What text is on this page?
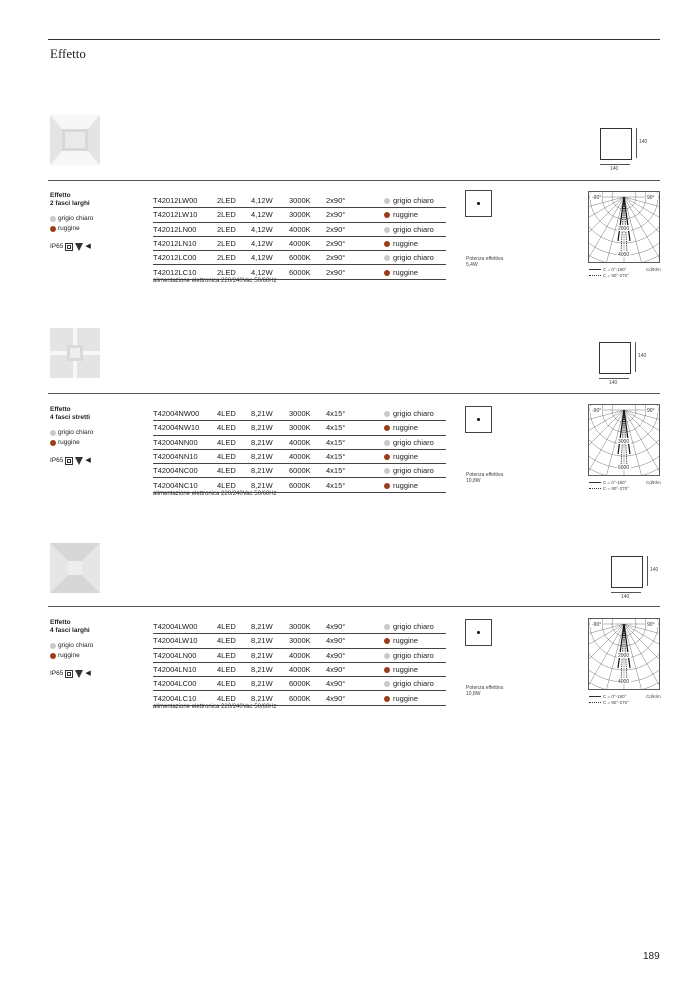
Effetto
140
140
Effetto
2 fasci larghi
grigio chiaro
ruggine
IP65	◀︎
T42012LW00	2LED	4,12W	3000K	2x90°	grigio chiaro
T42012LW10	2LED	4,12W	3000K	2x90°	ruggine
T42012LN00	2LED	4,12W	4000K	2x90°	grigio chiaro
T42012LN10	2LED	4,12W	4000K	2x90°	ruggine
T42012LC00	2LED	4,12W	6000K	2x90°	grigio chiaro
T42012LC10	2LED	4,12W	6000K	2x90°	ruggine
alimentazione elettronica 220/240Vac 50/60Hz
Potenza effettiva
5,4W
-90°	90°
2000
4000
C = 0°-180°
C = 90°-270°
Cd/Klm
140
140
Effetto
4 fasci stretti
grigio chiaro
ruggine
IP65	◀︎
T42004NW00	4LED	8,21W	3000K	4x15°	grigio chiaro
T42004NW10	4LED	8,21W	3000K	4x15°	ruggine
T42004NN00	4LED	8,21W	4000K	4x15°	grigio chiaro
T42004NN10	4LED	8,21W	4000K	4x15°	ruggine
T42004NC00	4LED	8,21W	6000K	4x15°	grigio chiaro
T42004NC10	4LED	8,21W	6000K	4x15°	ruggine
alimentazione elettronica 220/240Vac 50/60Hz
Potenza effettiva
10,8W
-90°	90°
3000
6000
C = 0°-180°
C = 90°-270°
Cd/Klm
140
140
Effetto
4 fasci larghi
grigio chiaro
ruggine
IP65	◀︎
T42004LW00	4LED	8,21W	3000K	4x90°	grigio chiaro
T42004LW10	4LED	8,21W	3000K	4x90°	ruggine
T42004LN00	4LED	8,21W	4000K	4x90°	grigio chiaro
T42004LN10	4LED	8,21W	4000K	4x90°	ruggine
T42004LC00	4LED	8,21W	6000K	4x90°	grigio chiaro
T42004LC10	4LED	8,21W	6000K	4x90°	ruggine
alimentazione elettronica 220/240Vac 50/60Hz
Potenza effettiva
10,8W
-90°	90°
2000
4000
C = 0°-180°
C = 90°-270°
Cd/Klm
189
